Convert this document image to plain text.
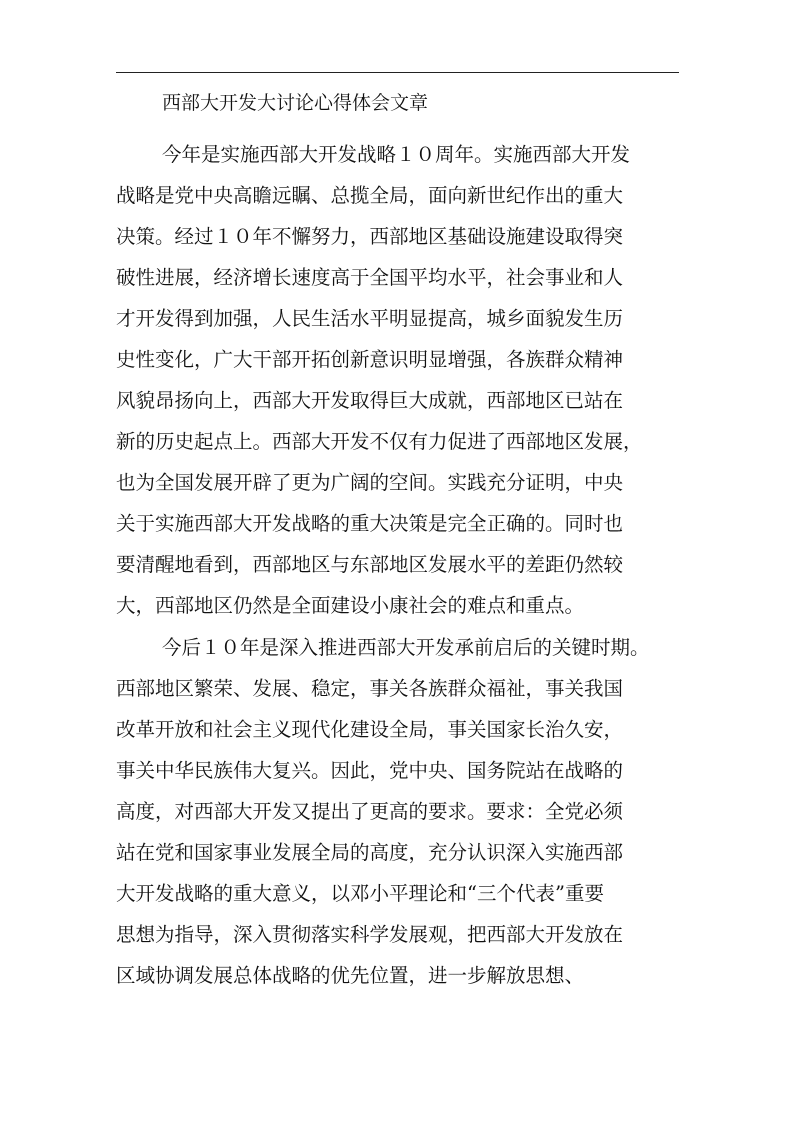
西部大开发大讨论心得体会文章
今年是实施西部大开发战略１０周年。实施西部大开发
战略是党中央高瞻远瞩、总揽全局，面向新世纪作出的重大
决策。经过１０年不懈努力，西部地区基础设施建设取得突
破性进展，经济增长速度高于全国平均水平，社会事业和人
才开发得到加强，人民生活水平明显提高，城乡面貌发生历
史性变化，广大干部开拓创新意识明显增强，各族群众精神
风貌昂扬向上，西部大开发取得巨大成就，西部地区已站在
新的历史起点上。西部大开发不仅有力促进了西部地区发展，
也为全国发展开辟了更为广阔的空间。实践充分证明，中央
关于实施西部大开发战略的重大决策是完全正确的。同时也
要清醒地看到，西部地区与东部地区发展水平的差距仍然较
大，西部地区仍然是全面建设小康社会的难点和重点。
今后１０年是深入推进西部大开发承前启后的关键时期。
西部地区繁荣、发展、稳定，事关各族群众福祉，事关我国
改革开放和社会主义现代化建设全局，事关国家长治久安，
事关中华民族伟大复兴。因此，党中央、国务院站在战略的
高度，对西部大开发又提出了更高的要求。要求：全党必须
站在党和国家事业发展全局的高度，充分认识深入实施西部
大开发战略的重大意义，以邓小平理论和“三个代表”重要
思想为指导，深入贯彻落实科学发展观，把西部大开发放在
区域协调发展总体战略的优先位置，进一步解放思想、
